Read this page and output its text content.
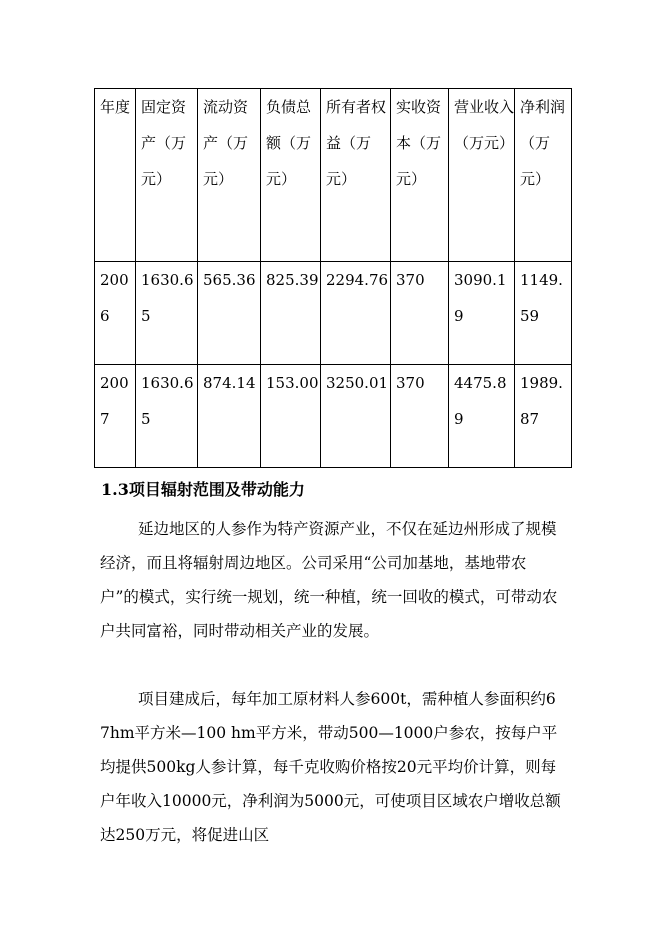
年度	固定资产（万元）	流动资产（万元）	负债总额（万元）	所有者权益（万元）	实收资本（万元）	营业收入（万元）	净利润（万元）
2006	1630.65	565.36	825.39	2294.76	370	3090.19	1149.59
2007	1630.65	874.14	153.00	3250.01	370	4475.89	1989.87
1.3项目辐射范围及带动能力

延边地区的人参作为特产资源产业，不仅在延边州形成了规模经济，而且将辐射周边地区。公司采用“公司加基地，基地带农户”的模式，实行统一规划，统一种植，统一回收的模式，可带动农户共同富裕，同时带动相关产业的发展。

项目建成后，每年加工原材料人参600t，需种植人参面积约67hm平方米—100 hm平方米，带动500—1000户参农，按每户平均提供500kg人参计算，每千克收购价格按20元平均价计算，则每户年收入10000元，净利润为5000元，可使项目区域农户增收总额达250万元，将促进山区
